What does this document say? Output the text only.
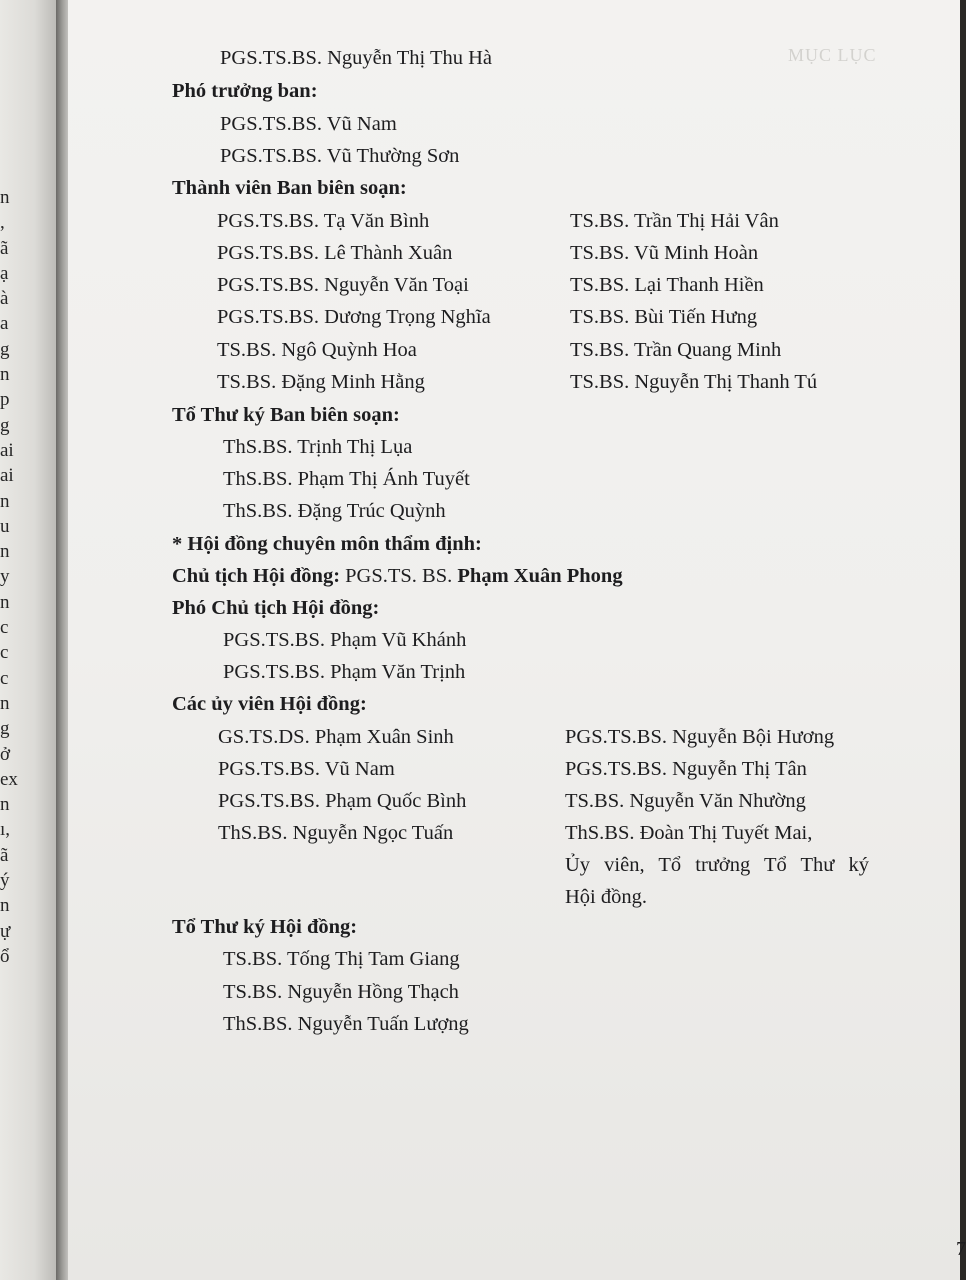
n
,
ã
ạ
à
a
g
n
p
g
ai
ai
n
u
n
y
n
c
c
c
n
g
ở
ex
n
ı,
ã
ý
n
ự
ổ
MỤC LỤC
PGS.TS.BS. Nguyễn Thị Thu Hà
Phó trưởng ban:
PGS.TS.BS. Vũ Nam
PGS.TS.BS. Vũ Thường Sơn
Thành viên Ban biên soạn:
PGS.TS.BS. Tạ Văn Bình
PGS.TS.BS. Lê Thành Xuân
PGS.TS.BS. Nguyễn Văn Toại
PGS.TS.BS. Dương Trọng Nghĩa
TS.BS. Ngô Quỳnh Hoa
TS.BS. Đặng Minh Hằng
TS.BS. Trần Thị Hải Vân
TS.BS. Vũ Minh Hoàn
TS.BS. Lại Thanh Hiền
TS.BS. Bùi Tiến Hưng
TS.BS. Trần Quang Minh
TS.BS. Nguyễn Thị Thanh Tú
Tổ Thư ký Ban biên soạn:
ThS.BS. Trịnh Thị Lụa
ThS.BS. Phạm Thị Ánh Tuyết
ThS.BS. Đặng Trúc Quỳnh
* Hội đồng chuyên môn thẩm định:
Chủ tịch Hội đồng: PGS.TS. BS. Phạm Xuân Phong
Phó Chủ tịch Hội đồng:
PGS.TS.BS. Phạm Vũ Khánh
PGS.TS.BS. Phạm Văn Trịnh
Các ủy viên Hội đồng:
GS.TS.DS. Phạm Xuân Sinh
PGS.TS.BS. Vũ Nam
PGS.TS.BS. Phạm Quốc Bình
ThS.BS. Nguyễn Ngọc Tuấn
PGS.TS.BS. Nguyễn Bội Hương
PGS.TS.BS. Nguyễn Thị Tân
TS.BS. Nguyễn Văn Nhường
ThS.BS. Đoàn Thị Tuyết Mai,
Ủy viên, Tổ trưởng Tổ Thư ký
Hội đồng.
Tổ Thư ký Hội đồng:
TS.BS. Tống Thị Tam Giang
TS.BS. Nguyễn Hồng Thạch
ThS.BS. Nguyễn Tuấn Lượng
7
